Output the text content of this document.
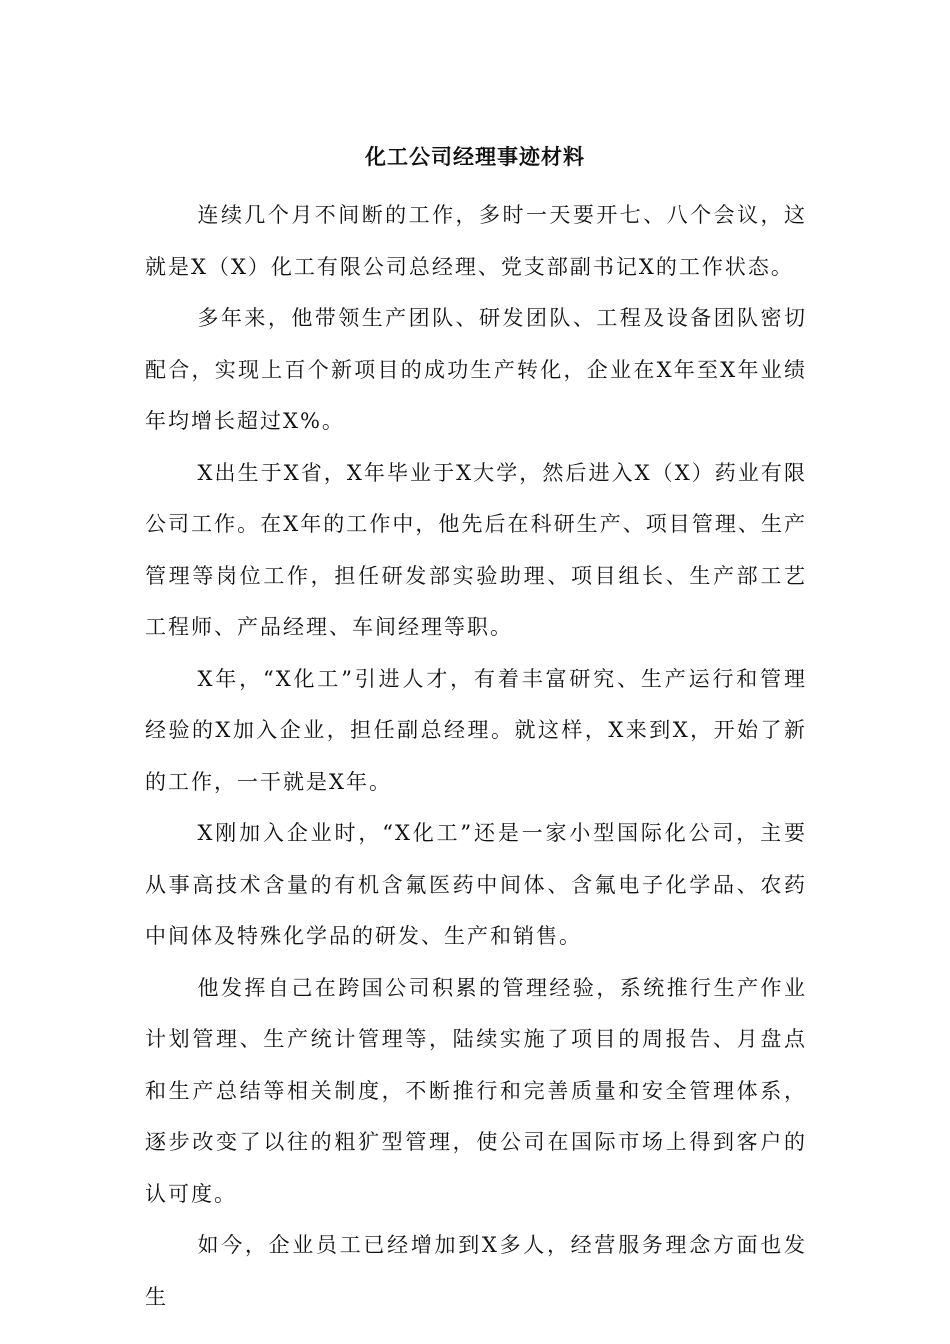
化工公司经理事迹材料

连续几个月不间断的工作，多时一天要开七、八个会议，这就是X（X）化工有限公司总经理、党支部副书记X的工作状态。

多年来，他带领生产团队、研发团队、工程及设备团队密切配合，实现上百个新项目的成功生产转化，企业在X年至X年业绩年均增长超过X%。

X出生于X省，X年毕业于X大学，然后进入X（X）药业有限公司工作。在X年的工作中，他先后在科研生产、项目管理、生产管理等岗位工作，担任研发部实验助理、项目组长、生产部工艺工程师、产品经理、车间经理等职。

X年，“X化工”引进人才，有着丰富研究、生产运行和管理经验的X加入企业，担任副总经理。就这样，X来到X，开始了新的工作，一干就是X年。

X刚加入企业时，“X化工”还是一家小型国际化公司，主要从事高技术含量的有机含氟医药中间体、含氟电子化学品、农药中间体及特殊化学品的研发、生产和销售。

他发挥自己在跨国公司积累的管理经验，系统推行生产作业计划管理、生产统计管理等，陆续实施了项目的周报告、月盘点和生产总结等相关制度，不断推行和完善质量和安全管理体系，逐步改变了以往的粗犷型管理，使公司在国际市场上得到客户的认可度。

如今，企业员工已经增加到X多人，经营服务理念方面也发生
